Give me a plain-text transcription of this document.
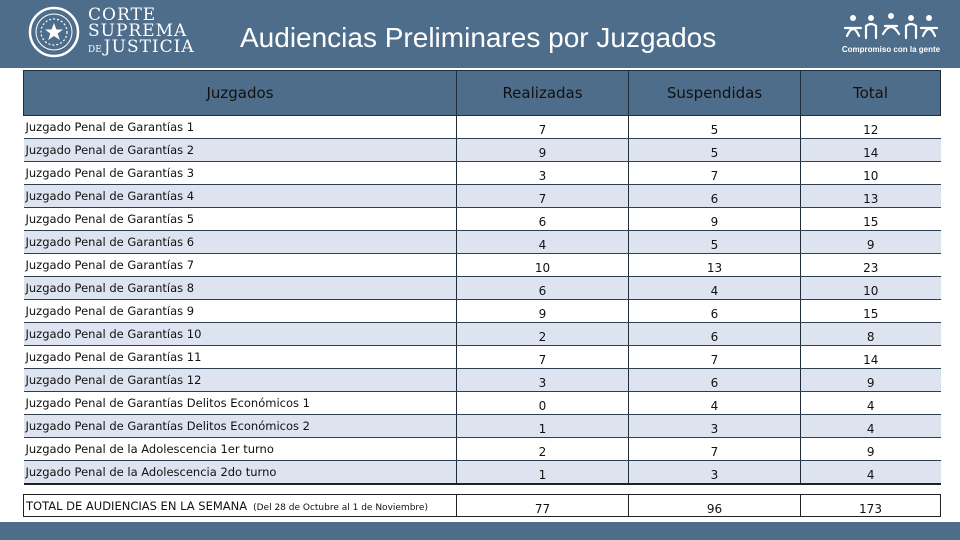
CORTE
SUPREMA
DE JUSTICIA Audiencias Preliminares por Juzgados	Compromiso con la gente
Juzgados	Realizadas	Suspendidas	Total
Juzgado Penal de Garantías 1	7	5	12
Juzgado Penal de Garantías 2	9	5	14
Juzgado Penal de Garantías 3	3	7	10
Juzgado Penal de Garantías 4	7	6	13
Juzgado Penal de Garantías 5	6	9	15
Juzgado Penal de Garantías 6	4	5	9
Juzgado Penal de Garantías 7	10	13	23
Juzgado Penal de Garantías 8	6	4	10
Juzgado Penal de Garantías 9	9	6	15
Juzgado Penal de Garantías 10	2	6	8
Juzgado Penal de Garantías 11	7	7	14
Juzgado Penal de Garantías 12	3	6	9
Juzgado Penal de Garantías Delitos Económicos 1	0	4	4
Juzgado Penal de Garantías Delitos Económicos 2	1	3	4
Juzgado Penal de la Adolescencia 1er turno	2	7	9
Juzgado Penal de la Adolescencia 2do turno	1	3	4
TOTAL DE AUDIENCIAS EN LA SEMANA (Del 28 de Octubre al 1 de Noviembre)	77	96	173
